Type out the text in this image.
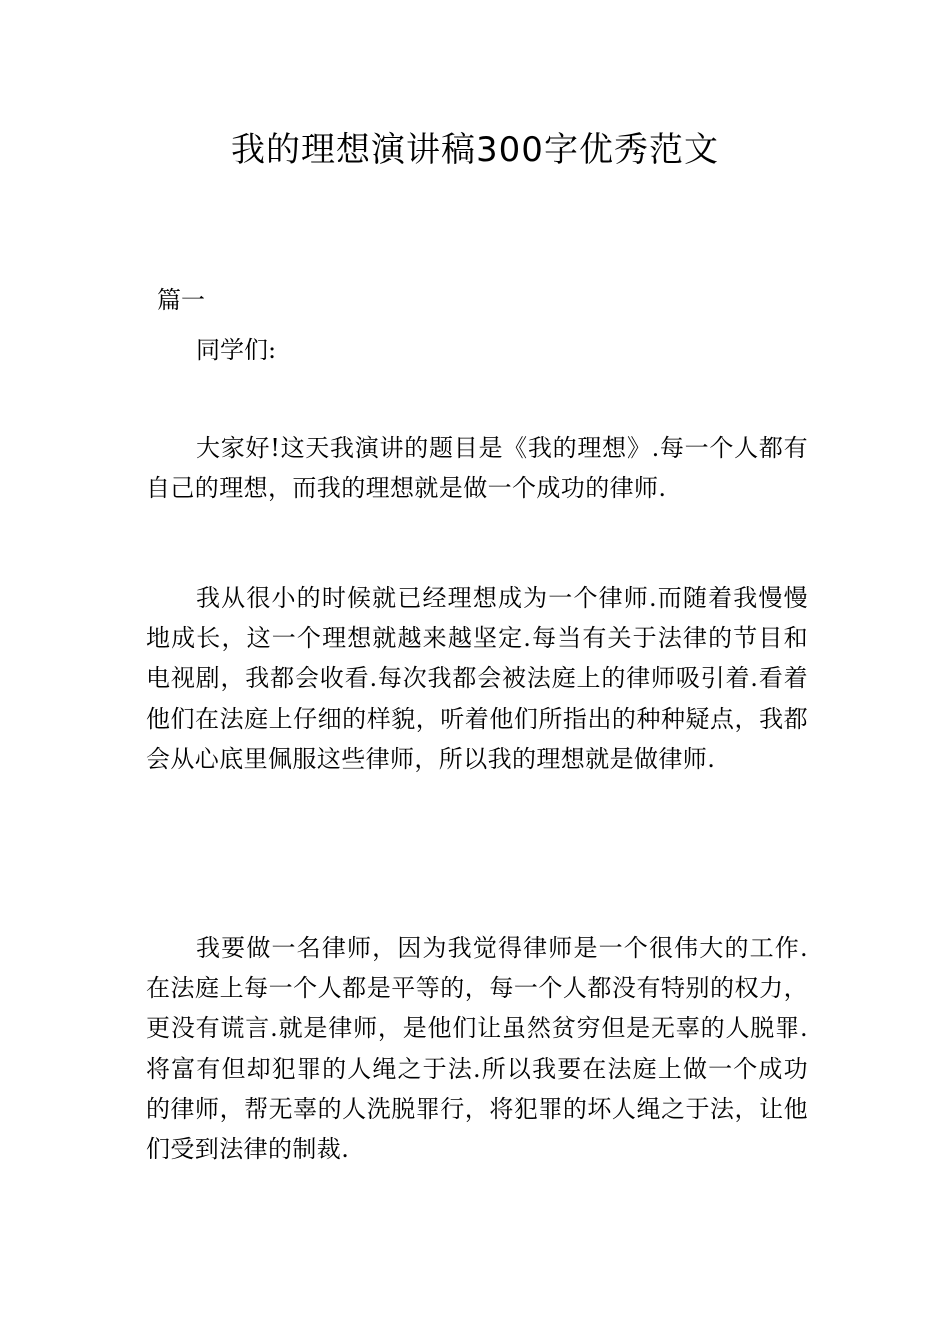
我的理想演讲稿300字优秀范文

篇一

同学们:

大家好!这天我演讲的题目是《我的理想》.每一个人都有自己的理想，而我的理想就是做一个成功的律师.

我从很小的时候就已经理想成为一个律师.而随着我慢慢地成长，这一个理想就越来越坚定.每当有关于法律的节目和电视剧，我都会收看.每次我都会被法庭上的律师吸引着.看着他们在法庭上仔细的样貌，听着他们所指出的种种疑点，我都会从心底里佩服这些律师，所以我的理想就是做律师.

我要做一名律师，因为我觉得律师是一个很伟大的工作.在法庭上每一个人都是平等的，每一个人都没有特别的权力，更没有谎言.就是律师，是他们让虽然贫穷但是无辜的人脱罪.将富有但却犯罪的人绳之于法.所以我要在法庭上做一个成功的律师，帮无辜的人洗脱罪行，将犯罪的坏人绳之于法，让他们受到法律的制裁.
